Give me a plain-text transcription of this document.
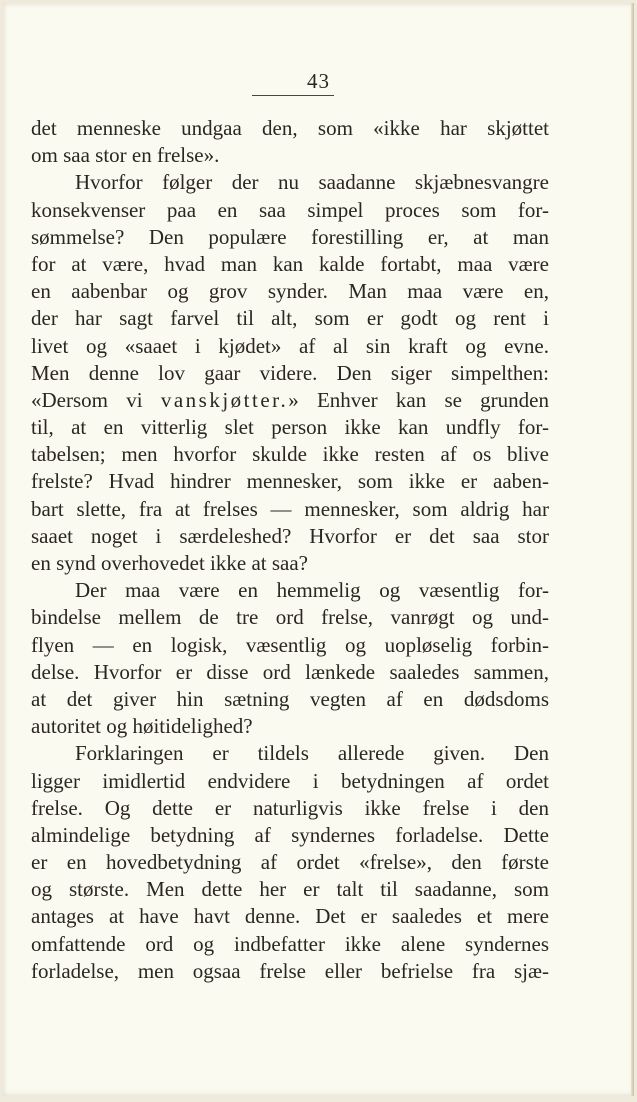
43
det menneske undgaa den, som «ikke har skjøttet
om saa stor en frelse».
Hvorfor følger der nu saadanne skjæbnesvangre
konsekvenser paa en saa simpel proces som for-
sømmelse? Den populære forestilling er, at man
for at være, hvad man kan kalde fortabt, maa være
en aabenbar og grov synder. Man maa være en,
der har sagt farvel til alt, som er godt og rent i
livet og «saaet i kjødet» af al sin kraft og evne.
Men denne lov gaar videre. Den siger simpelthen:
«Dersom vi vanskjøtter.» Enhver kan se grunden
til, at en vitterlig slet person ikke kan undfly for-
tabelsen; men hvorfor skulde ikke resten af os blive
frelste? Hvad hindrer mennesker, som ikke er aaben-
bart slette, fra at frelses — mennesker, som aldrig har
saaet noget i særdeleshed? Hvorfor er det saa stor
en synd overhovedet ikke at saa?
Der maa være en hemmelig og væsentlig for-
bindelse mellem de tre ord frelse, vanrøgt og und-
flyen — en logisk, væsentlig og uopløselig forbin-
delse. Hvorfor er disse ord lænkede saaledes sammen,
at det giver hin sætning vegten af en dødsdoms
autoritet og høitidelighed?
Forklaringen er tildels allerede given. Den
ligger imidlertid endvidere i betydningen af ordet
frelse. Og dette er naturligvis ikke frelse i den
almindelige betydning af syndernes forladelse. Dette
er en hovedbetydning af ordet «frelse», den første
og største. Men dette her er talt til saadanne, som
antages at have havt denne. Det er saaledes et mere
omfattende ord og indbefatter ikke alene syndernes
forladelse, men ogsaa frelse eller befrielse fra sjæ-
